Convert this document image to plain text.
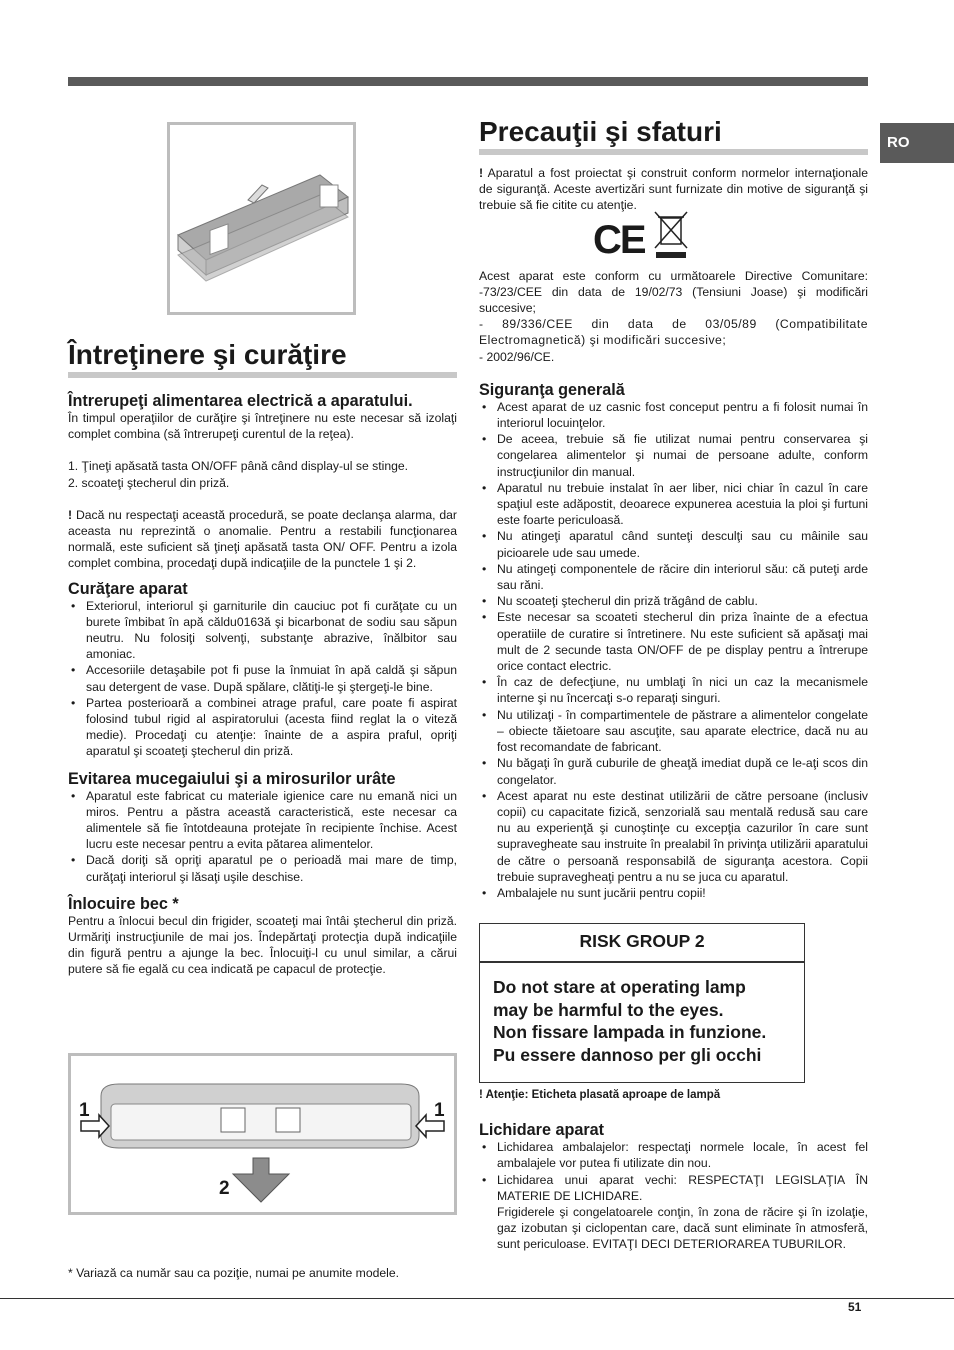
RO
Întreţinere şi curăţire
Întrerupeţi alimentarea electrică a aparatului.

În timpul operaţiilor de curăţire şi întreţinere nu este necesar să izolaţi complet combina (să întrerupeţi curentul de la reţea).

1. Ţineţi apăsată tasta ON/OFF până când display-ul se stinge.

2. scoateţi ştecherul din priză.

! Dacă nu respectaţi această procedură, se poate declanşa alarma, dar aceasta nu reprezintă o anomalie. Pentru a restabili funcţionarea normală, este suficient să ţineţi apăsată tasta ON/ OFF. Pentru a izola complet combina, procedaţi după indicaţiile de la punctele 1 şi 2.

Curăţare aparat
• Exteriorul, interiorul şi garniturile din cauciuc pot fi curăţate cu un burete îmbibat în apă căldu0163ă şi bicarbonat de sodiu sau săpun neutru. Nu folosiţi solvenţi, substanţe abrazive, înălbitor sau amoniac.
• Accesoriile detaşabile pot fi puse la înmuiat în apă caldă şi săpun sau detergent de vase. După spălare, clătiţi-le şi ştergeţi-le bine.
• Partea posterioară a combinei atrage praful, care poate fi aspirat folosind tubul rigid al aspiratorului (acesta fiind reglat la o viteză medie). Procedaţi cu atenţie: înainte de a aspira praful, opriţi aparatul şi scoateţi ştecherul din priză.
Evitarea mucegaiului şi a mirosurilor urâte
• Aparatul este fabricat cu materiale igienice care nu emană nici un miros. Pentru a păstra această caracteristică, este necesar ca alimentele să fie întotdeauna protejate în recipiente închise. Acest lucru este necesar pentru a evita pătarea alimentelor.
• Dacă doriţi să opriţi aparatul pe o perioadă mai mare de timp, curăţaţi interiorul şi lăsaţi uşile deschise.
Înlocuire bec *

Pentru a înlocui becul din frigider, scoateţi mai întâi ştecherul din priză. Urmăriţi instrucţiunile de mai jos. Îndepărtaţi protecţia după indicaţiile din figură pentru a ajunge la bec. Înlocuiţi-l cu unul similar, a cărui putere să fie egală cu cea indicată pe capacul de protecţie.

1	1
2
* Variază ca număr sau ca poziţie, numai pe anumite modele.
Precauţii şi sfaturi

! Aparatul a fost proiectat şi construit conform normelor internaţionale de siguranţă. Aceste avertizări sunt furnizate din motive de siguranţă şi trebuie să fie citite cu atenţie.

CE

Acest aparat este conform cu următoarele Directive Comunitare: -73/23/CEE din data de 19/02/73 (Tensiuni Joase) şi modificări succesive;

- 89/336/CEE din data de 03/05/89 (Compatibilitate Electromagnetică) şi modificări succesive;

- 2002/96/CE.

Siguranţa generală
• Acest aparat de uz casnic fost conceput pentru a fi folosit numai în interiorul locuinţelor.
• De aceea, trebuie să fie utilizat numai pentru conservarea şi congelarea alimentelor şi numai de persoane adulte, conform instrucţiunilor din manual.
• Aparatul nu trebuie instalat în aer liber, nici chiar în cazul în care spaţiul este adăpostit, deoarece expunerea acestuia la ploi şi furtuni este foarte periculoasă.
• Nu atingeţi aparatul când sunteţi desculţi sau cu mâinile sau picioarele ude sau umede.
• Nu atingeţi componentele de răcire din interiorul său: că puteţi arde sau răni.
• Nu scoateţi ştecherul din priză trăgând de cablu.
• Este necesar sa scoateti stecherul din priza înainte de a efectua operatiile de curatire si întretinere. Nu este suficient să apăsaţi mai mult de 2 secunde tasta ON/OFF de pe display pentru a întrerupe orice contact electric.
• În caz de defecţiune, nu umblaţi în nici un caz la mecanismele interne şi nu încercaţi s-o reparaţi singuri.
• Nu utilizaţi - în compartimentele de păstrare a alimentelor congelate – obiecte tăietoare sau ascuţite, sau aparate electrice, dacă nu au fost recomandate de fabricant.
• Nu băgaţi în gură cuburile de gheaţă imediat după ce le-aţi scos din congelator.
• Acest aparat nu este destinat utilizării de către persoane (inclusiv copii) cu capacitate fizică, senzorială sau mentală redusă sau care nu au experienţă şi cunoştinţe cu excepţia cazurilor în care sunt supravegheate sau instruite în prealabil în privinţa utilizării aparatului de către o persoană responsabilă de siguranţa acestora. Copii trebuie supravegheaţi pentru a nu se juca cu aparatul.
• Ambalajele nu sunt jucării pentru copii!
RISK GROUP 2
Do not stare at operating lamp
may be harmful to the eyes.
Non fissare lampada in funzione.
Pu essere dannoso per gli occhi

! Atenţie: Eticheta plasată aproape de lampă

Lichidare aparat
• Lichidarea ambalajelor: respectaţi normele locale, în acest fel ambalajele vor putea fi utilizate din nou.
• Lichidarea unui aparat vechi: RESPECTAŢI LEGISLAŢIA ÎN MATERIE DE LICHIDARE.

Frigiderele şi congelatoarele conţin, în zona de răcire şi în izolaţie, gaz izobutan şi ciclopentan care, dacă sunt eliminate în atmosferă, sunt periculoase. EVITAŢI DECI DETERIORAREA TUBURILOR.

51
